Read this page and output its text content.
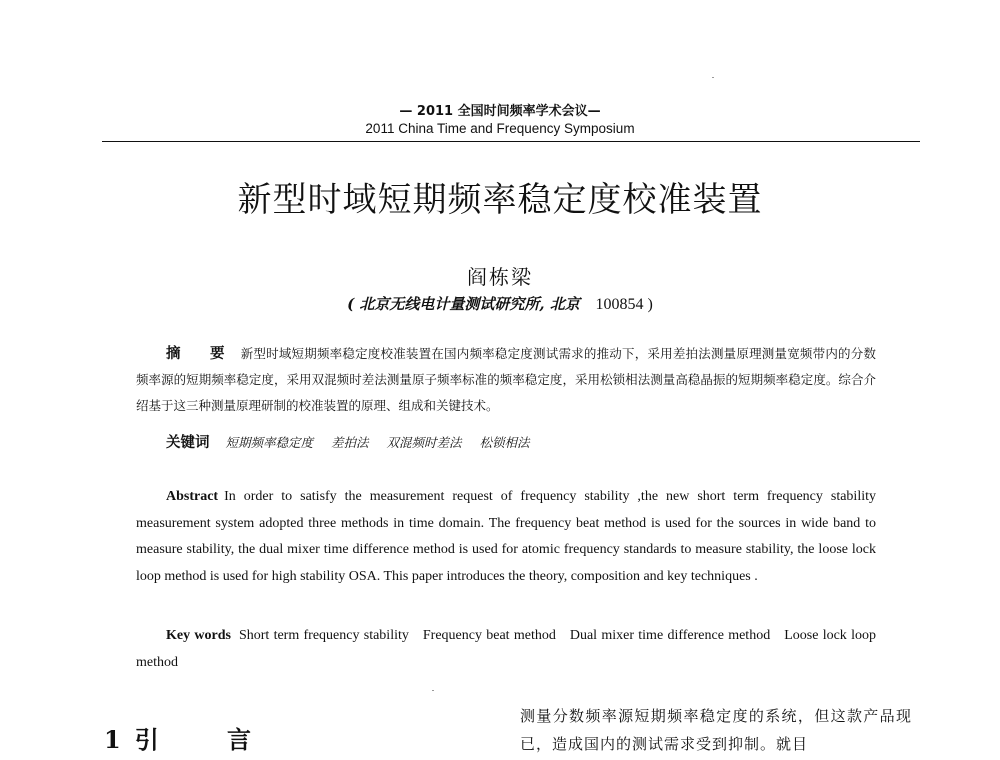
— 2011 全国时间频率学术会议—
2011 China Time and Frequency Symposium
新型时域短期频率稳定度校准装置
阎栋梁
( 北京无线电计量测试研究所, 北京 100854 )
摘 要 新型时域短期频率稳定度校准装置在国内频率稳定度测试需求的推动下，采用差拍法测量原理测量宽频带内的分数频率源的短期频率稳定度，采用双混频时差法测量原子频率标准的频率稳定度，采用松锁相法测量高稳晶振的短期频率稳定度。综合介绍基于这三种测量原理研制的校准装置的原理、组成和关键技术。
关键词 短期频率稳定度 差拍法 双混频时差法 松锁相法
Abstract In order to satisfy the measurement request of frequency stability ,the new short term frequency stability measurement system adopted three methods in time domain. The frequency beat method is used for the sources in wide band to measure stability, the dual mixer time difference method is used for atomic frequency standards to measure stability, the loose lock loop method is used for high stability OSA. This paper introduces the theory, composition and key techniques .
Key words Short term frequency stability Frequency beat method Dual mixer time difference method Loose lock loop method
1 引 言
测量分数频率源短期频率稳定度的系统，但这款产品现已，造成国内的测试需求受到抑制。就目
